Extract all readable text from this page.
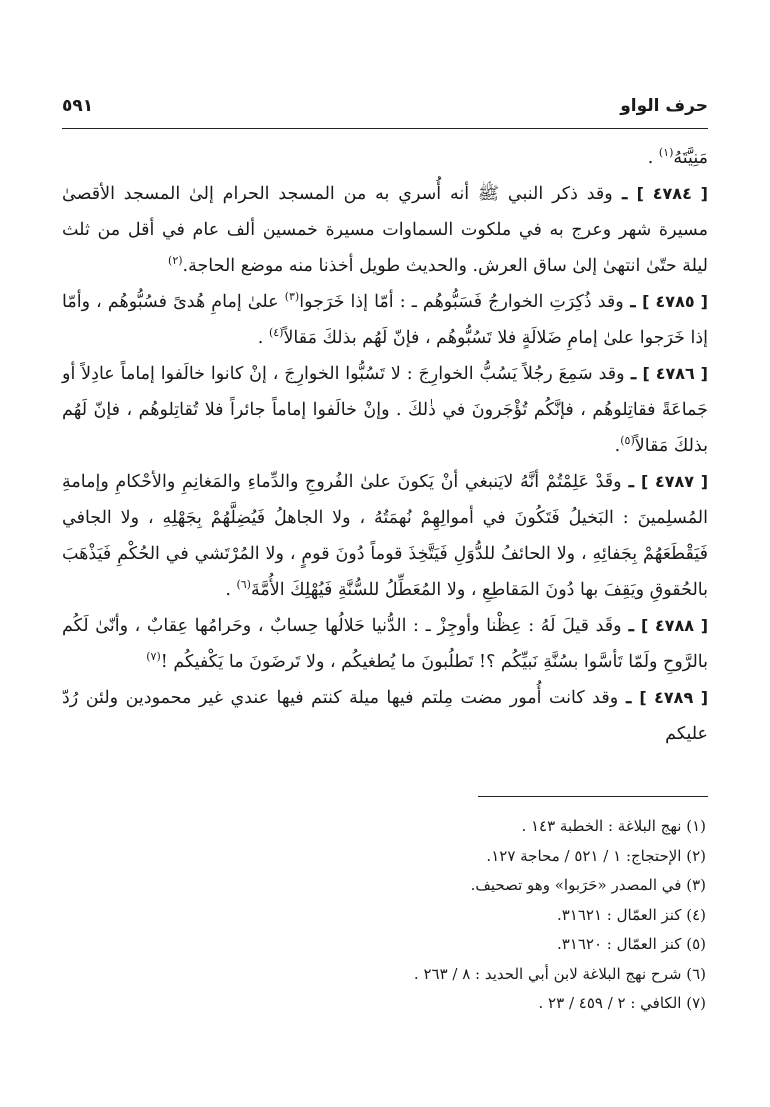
حرف الواو
٥٩١

مَنِيَّتَهُ$^{(١)}$ .

[ ٤٧٨٤ ] ـ وقد ذكر النبي ﷺ أنه أُسري به من المسجد الحرام إلىٰ المسجد الأقصىٰ مسيرة شهر وعرج به في ملكوت السماوات مسيرة خمسين ألف عام في أقل من ثلث ليلة حتّىٰ انتهىٰ إلىٰ ساق العرش. والحديث طويل أخذنا منه موضع الحاجة.$^{(٢)}$

[ ٤٧٨٥ ] ـ وقد ذُكِرَتِ الخوارجُ فَسَبُّوهُم ـ : أمّا إذا خَرَجوا$^{(٣)}$ علىٰ إمامِ هُدىً فسُبُّوهُم ، وأمّا إذا خَرَجوا علىٰ إمامِ ضَلالَةٍ فلا تَسُبُّوهُم ، فإنّ لَهُم بذلكَ مَقالاً$^{(٤)}$ .

[ ٤٧٨٦ ] ـ وقد سَمِعَ رجُلاً يَسُبُّ الخوارِجَ : لا تَسُبُّوا الخوارِجَ ، إنْ كانوا خالَفوا إماماً عادِلاً أو جَماعَةً فقاتِلوهُم ، فإنَّكُم تُؤْجَرونَ في ذٰلكَ . وإنْ خالَفوا إماماً جائراً فلا تُقاتِلوهُم ، فإنّ لَهُم بذلكَ مَقالاً$^{(٥)}$.

[ ٤٧٨٧ ] ـ وقَدْ عَلِمْتُمْ أنَّهُ لايَنبغي أنْ يَكونَ علىٰ الفُروجِ والدِّماءِ والمَغانِمِ والأحْكامِ وإمامةِ المُسلِمينَ : البَخيلُ فَتَكُونَ في أموالِهِمْ نُهمَتُهُ ، ولا الجاهلُ فَيُضِلَّهُمْ بِجَهْلِهِ ، ولا الجافي فَيَقْطَعَهُمْ بِجَفائِهِ ، ولا الحائفُ للدُّوَلِ فَيَتَّخِذَ قوماً دُونَ قومٍ ، ولا المُرْتَشي في الحُكْمِ فَيَذْهَبَ بالحُقوقِ ويَقِفَ بها دُونَ المَقاطِعِ ، ولا المُعَطِّلُ للسُّنَّةِ فَيُهْلِكَ الأُمَّةَ$^{(٦)}$ .

[ ٤٧٨٨ ] ـ وقَد قيلَ لَهُ : عِظْنا وأوجِزْ ـ : الدُّنيا حَلالُها حِسابٌ ، وحَرامُها عِقابٌ ، وأنّىٰ لَكُم بالرَّوحِ ولَمّا تَأسَّوا بسُنَّةِ نَبيِّكُم ؟! تَطلُبونَ ما يُطغيكُم ، ولا تَرضَونَ ما يَكْفيكُم !$^{(٧)}$

[ ٤٧٨٩ ] ـ وقد كانت أُمور مضت مِلتم فيها ميلة كنتم فيها عندي غير محمودين ولئن رُدّ عليكم

(١) نهج البلاغة : الخطبة ١٤٣ .

(٢) الإحتجاج: ١ / ٥٢١ / محاجة ١٢٧.

(٣) في المصدر «حَرَبوا» وهو تصحيف.

(٤) كنز العمّال : ٣١٦٢١.

(٥) كنز العمّال : ٣١٦٢٠.

(٦) شرح نهج البلاغة لابن أبي الحديد : ٨ / ٢٦٣ .

(٧) الكافي : ٢ / ٤٥٩ / ٢٣ .
